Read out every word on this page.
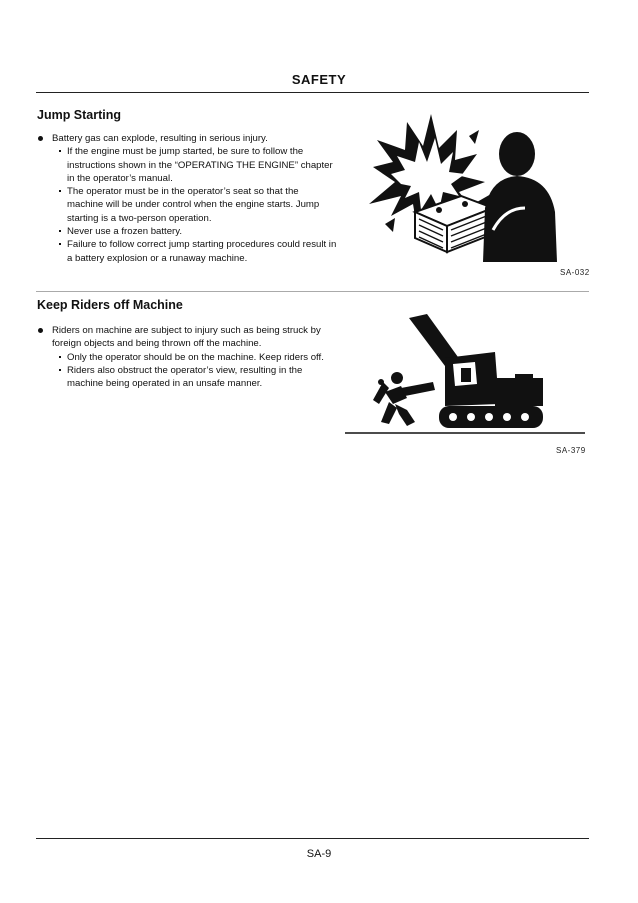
SAFETY
Jump Starting
Battery gas can explode, resulting in serious injury.
If the engine must be jump started, be sure to follow the instructions shown in the “OPERATING THE ENGINE” chapter in the operator’s manual.
The operator must be in the operator’s seat so that the machine will be under control when the engine starts. Jump starting is a two-person operation.
Never use a frozen battery.
Failure to follow correct jump starting procedures could result in a battery explosion or a runaway machine.
SA-032
Keep Riders off Machine
Riders on machine are subject to injury such as being struck by foreign objects and being thrown off the machine.
Only the operator should be on the machine. Keep riders off.
Riders also obstruct the operator’s view, resulting in the machine being operated in an unsafe manner.
SA-379
SA-9
